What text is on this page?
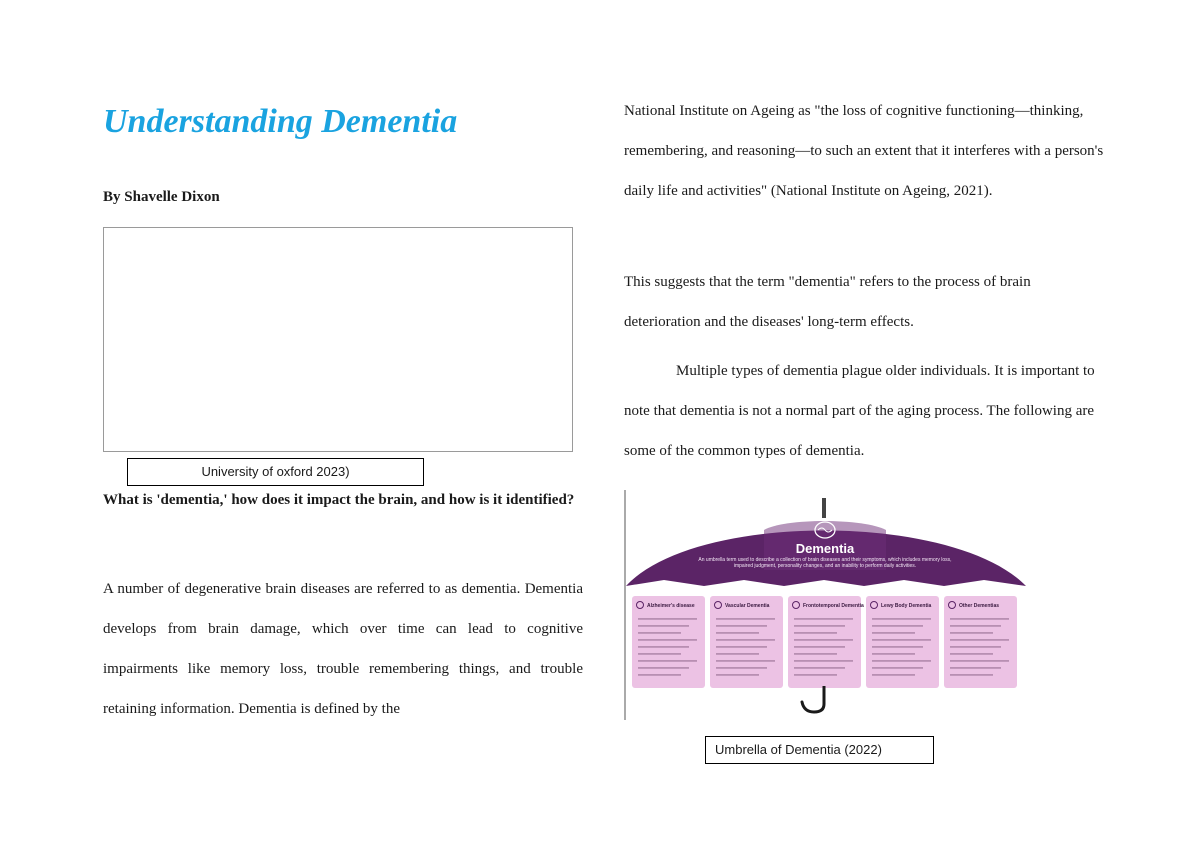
Understanding Dementia
By Shavelle Dixon
University of oxford 2023)
What is 'dementia,' how does it impact the brain, and how is it identified?
A number of degenerative brain diseases are referred to as dementia. Dementia develops from brain damage, which over time can lead to cognitive impairments like memory loss, trouble remembering things, and trouble retaining information. Dementia is defined by the
National Institute on Ageing as "the loss of cognitive functioning—thinking, remembering, and reasoning—to such an extent that it interferes with a person's daily life and activities" (National Institute on Ageing, 2021).
This suggests that the term "dementia" refers to the process of brain deterioration and the diseases' long-term effects.
Multiple types of dementia plague older individuals. It is important to note that dementia is not a normal part of the aging process. The following are some of the common types of dementia.
Dementia
An umbrella term used to describe a collection of brain diseases and their symptoms, which includes memory loss, impaired judgment, personality changes, and an inability to perform daily activities.
Alzheimer's disease	Vascular Dementia	Frontotemporal Dementia	Lewy Body Dementia	Other Dementias
Umbrella of Dementia (2022)
